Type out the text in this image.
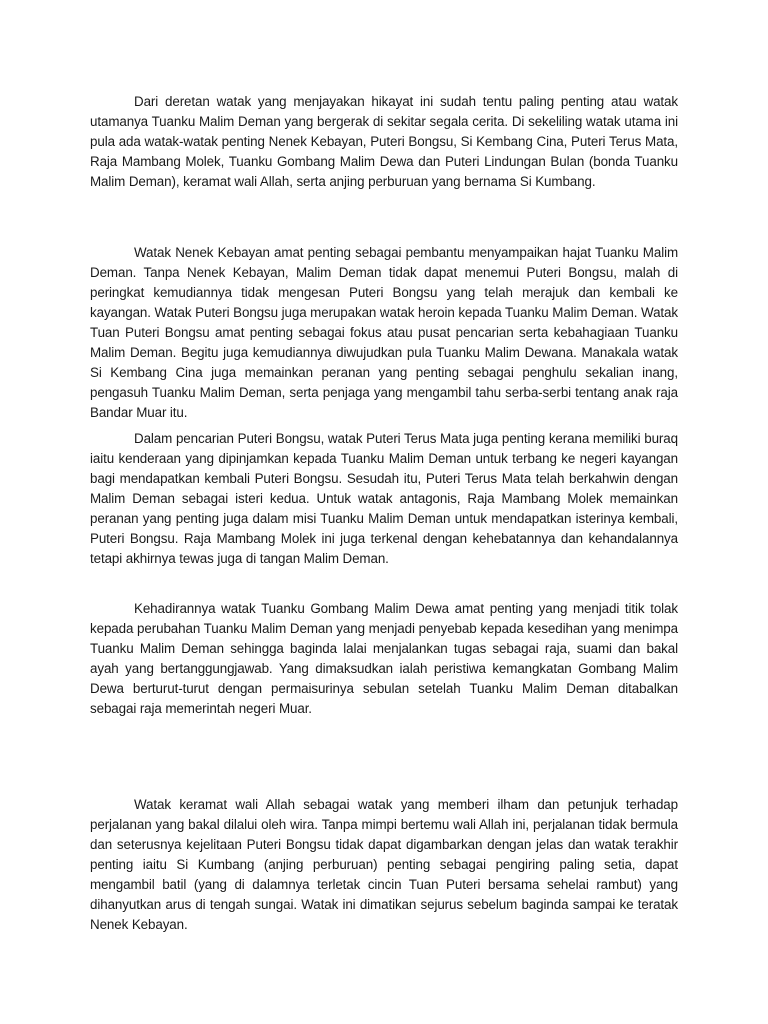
Dari deretan watak yang menjayakan hikayat ini sudah tentu paling penting atau watak utamanya Tuanku Malim Deman yang bergerak di sekitar segala cerita. Di sekeliling watak utama ini pula ada watak-watak penting Nenek Kebayan, Puteri Bongsu, Si Kembang Cina, Puteri Terus Mata, Raja Mambang Molek, Tuanku Gombang Malim Dewa dan Puteri Lindungan Bulan (bonda Tuanku Malim Deman), keramat wali Allah, serta anjing perburuan yang bernama Si Kumbang.

Watak Nenek Kebayan amat penting sebagai pembantu menyampaikan hajat Tuanku Malim Deman. Tanpa Nenek Kebayan, Malim Deman tidak dapat menemui Puteri Bongsu, malah di peringkat kemudiannya tidak mengesan Puteri Bongsu yang telah merajuk dan kembali ke kayangan. Watak Puteri Bongsu juga merupakan watak heroin kepada Tuanku Malim Deman. Watak Tuan Puteri Bongsu amat penting sebagai fokus atau pusat pencarian serta kebahagiaan Tuanku Malim Deman. Begitu juga kemudiannya diwujudkan pula Tuanku Malim Dewana. Manakala watak Si Kembang Cina juga memainkan peranan yang penting sebagai penghulu sekalian inang, pengasuh Tuanku Malim Deman, serta penjaga yang mengambil tahu serba-serbi tentang anak raja Bandar Muar itu.

Dalam pencarian Puteri Bongsu, watak Puteri Terus Mata juga penting kerana memiliki buraq iaitu kenderaan yang dipinjamkan kepada Tuanku Malim Deman untuk terbang ke negeri kayangan bagi mendapatkan kembali Puteri Bongsu. Sesudah itu, Puteri Terus Mata telah berkahwin dengan Malim Deman sebagai isteri kedua. Untuk watak antagonis, Raja Mambang Molek memainkan peranan yang penting juga dalam misi Tuanku Malim Deman untuk mendapatkan isterinya kembali, Puteri Bongsu. Raja Mambang Molek ini juga terkenal dengan kehebatannya dan kehandalannya tetapi akhirnya tewas juga di tangan Malim Deman.

Kehadirannya watak Tuanku Gombang Malim Dewa amat penting yang menjadi titik tolak kepada perubahan Tuanku Malim Deman yang menjadi penyebab kepada kesedihan yang menimpa Tuanku Malim Deman sehingga baginda lalai menjalankan tugas sebagai raja, suami dan bakal ayah yang bertanggungjawab. Yang dimaksudkan ialah peristiwa kemangkatan Gombang Malim Dewa berturut-turut dengan permaisurinya sebulan setelah Tuanku Malim Deman ditabalkan sebagai raja memerintah negeri Muar.

Watak keramat wali Allah sebagai watak yang memberi ilham dan petunjuk terhadap perjalanan yang bakal dilalui oleh wira. Tanpa mimpi bertemu wali Allah ini, perjalanan tidak bermula dan seterusnya kejelitaan Puteri Bongsu tidak dapat digambarkan dengan jelas dan watak terakhir penting iaitu Si Kumbang (anjing perburuan) penting sebagai pengiring paling setia, dapat mengambil batil (yang di dalamnya terletak cincin Tuan Puteri bersama sehelai rambut) yang dihanyutkan arus di tengah sungai. Watak ini dimatikan sejurus sebelum baginda sampai ke teratak Nenek Kebayan.
